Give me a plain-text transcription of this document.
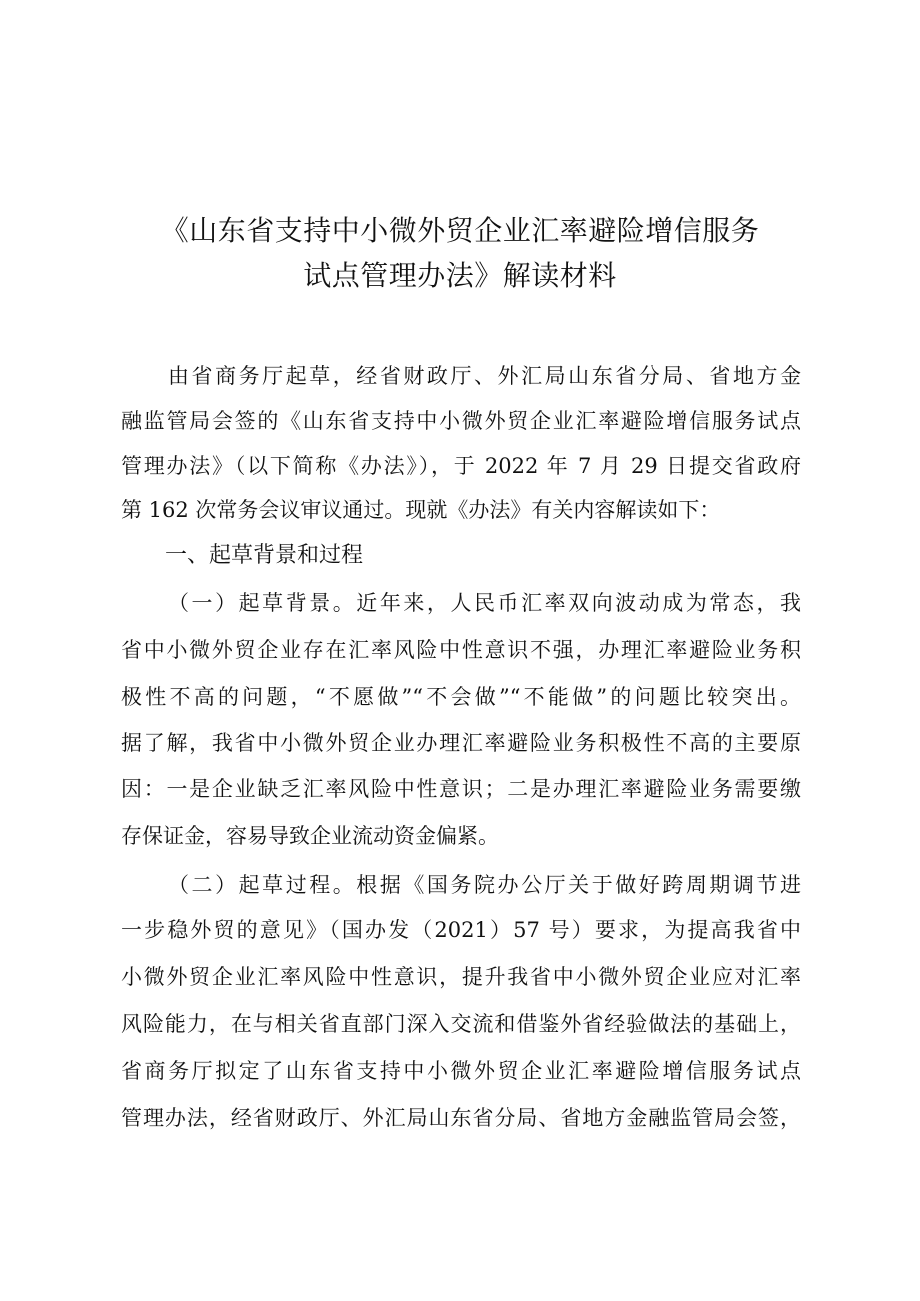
《山东省支持中小微外贸企业汇率避险增信服务
试点管理办法》解读材料
由省商务厅起草，经省财政厅、外汇局山东省分局、省地方金
融监管局会签的《山东省支持中小微外贸企业汇率避险增信服务试点
管理办法》（以下简称《办法》），于 2022 年 7 月 29 日提交省政府
第 162 次常务会议审议通过。现就《办法》有关内容解读如下：
一、起草背景和过程
（一）起草背景。近年来，人民币汇率双向波动成为常态，我
省中小微外贸企业存在汇率风险中性意识不强，办理汇率避险业务积
极性不高的问题，“不愿做”“不会做”“不能做”的问题比较突出。
据了解，我省中小微外贸企业办理汇率避险业务积极性不高的主要原
因：一是企业缺乏汇率风险中性意识；二是办理汇率避险业务需要缴
存保证金，容易导致企业流动资金偏紧。
（二）起草过程。根据《国务院办公厅关于做好跨周期调节进
一步稳外贸的意见》（国办发（2021）57 号）要求，为提高我省中
小微外贸企业汇率风险中性意识，提升我省中小微外贸企业应对汇率
风险能力，在与相关省直部门深入交流和借鉴外省经验做法的基础上，
省商务厅拟定了山东省支持中小微外贸企业汇率避险增信服务试点
管理办法，经省财政厅、外汇局山东省分局、省地方金融监管局会签，
